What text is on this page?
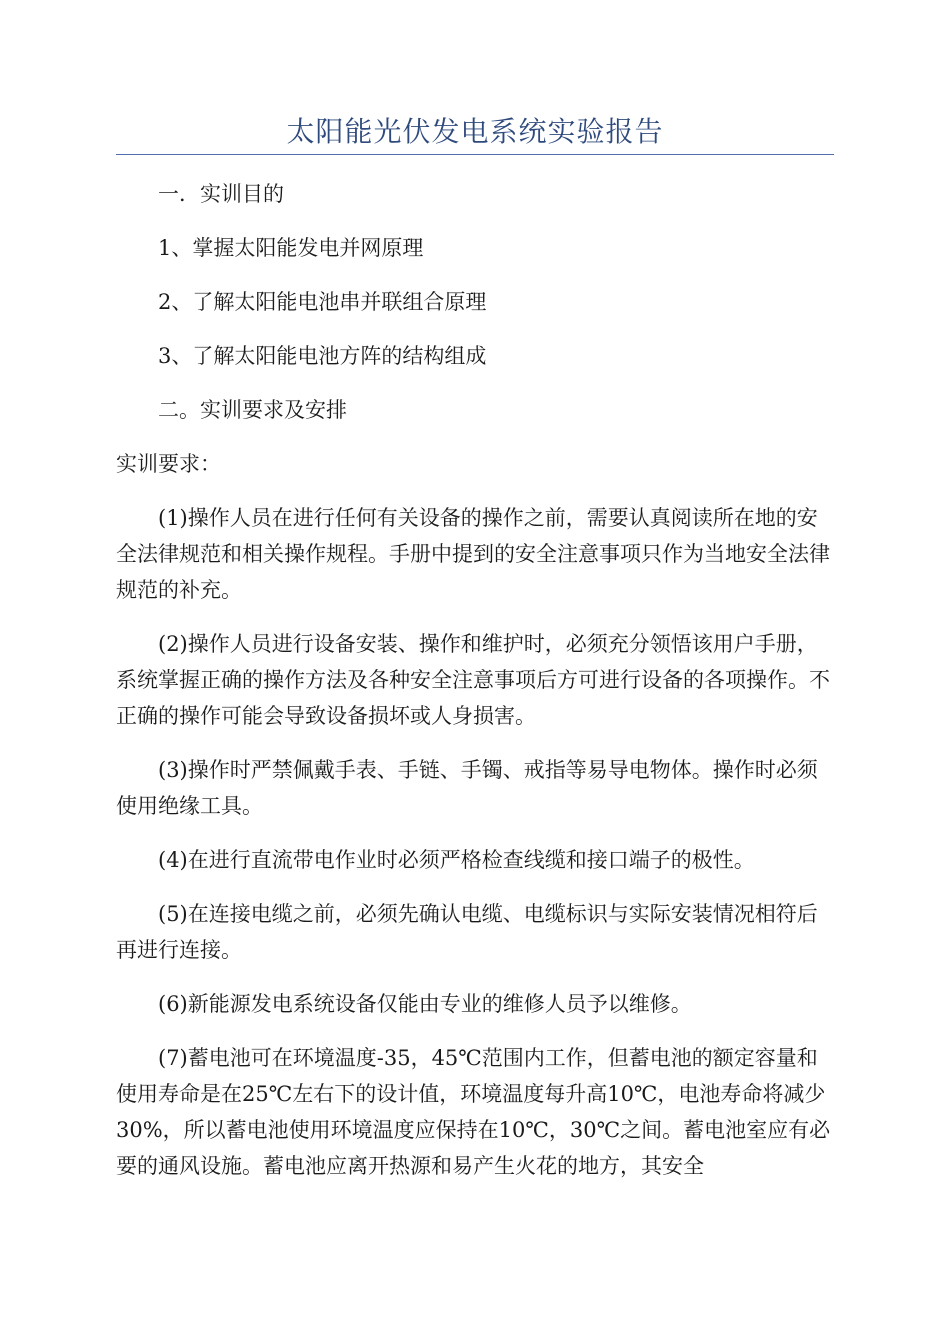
太阳能光伏发电系统实验报告

一．实训目的

1、掌握太阳能发电并网原理

2、了解太阳能电池串并联组合原理

3、了解太阳能电池方阵的结构组成

二。实训要求及安排

实训要求：

(1)操作人员在进行任何有关设备的操作之前，需要认真阅读所在地的安全法律规范和相关操作规程。手册中提到的安全注意事项只作为当地安全法律规范的补充。

(2)操作人员进行设备安装、操作和维护时，必须充分领悟该用户手册，系统掌握正确的操作方法及各种安全注意事项后方可进行设备的各项操作。不正确的操作可能会导致设备损坏或人身损害。

(3)操作时严禁佩戴手表、手链、手镯、戒指等易导电物体。操作时必须使用绝缘工具。

(4)在进行直流带电作业时必须严格检查线缆和接口端子的极性。

(5)在连接电缆之前，必须先确认电缆、电缆标识与实际安装情况相符后再进行连接。

(6)新能源发电系统设备仅能由专业的维修人员予以维修。

(7)蓄电池可在环境温度-35，45℃范围内工作，但蓄电池的额定容量和使用寿命是在25℃左右下的设计值，环境温度每升高10℃，电池寿命将减少30%，所以蓄电池使用环境温度应保持在10℃，30℃之间。蓄电池室应有必要的通风设施。蓄电池应离开热源和易产生火花的地方，其安全
